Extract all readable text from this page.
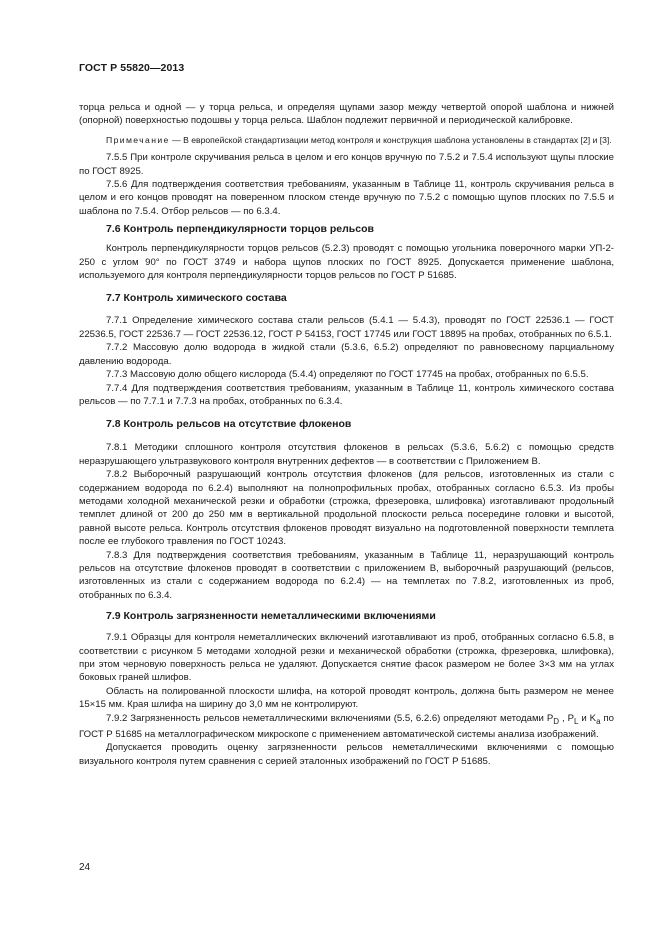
ГОСТ Р 55820—2013

торца рельса и одной — у торца рельса, и определяя щупами зазор между четвертой опорой шаблона и нижней (опорной) поверхностью подошвы у торца рельса. Шаблон подлежит первичной и периодической калибровке.

Примечание — В европейской стандартизации метод контроля и конструкция шаблона установлены в стандартах [2] и [3].

7.5.5 При контроле скручивания рельса в целом и его концов вручную по 7.5.2 и 7.5.4 используют щупы плоские по ГОСТ 8925.

7.5.6 Для подтверждения соответствия требованиям, указанным в Таблице 11, контроль скручивания рельса в целом и его концов проводят на поверенном плоском стенде вручную по 7.5.2 с помощью щупов плоских по 7.5.5 и шаблона по 7.5.4. Отбор рельсов — по 6.3.4.

7.6 Контроль перпендикулярности торцов рельсов

Контроль перпендикулярности торцов рельсов (5.2.3) проводят с помощью угольника поверочного марки УП-2-250 с углом 90° по ГОСТ 3749 и набора щупов плоских по ГОСТ 8925. Допускается применение шаблона, используемого для контроля перпендикулярности торцов рельсов по ГОСТ Р 51685.

7.7 Контроль химического состава

7.7.1 Определение химического состава стали рельсов (5.4.1 — 5.4.3), проводят по ГОСТ 22536.1 — ГОСТ 22536.5, ГОСТ 22536.7 — ГОСТ 22536.12, ГОСТ Р 54153, ГОСТ 17745 или ГОСТ 18895 на пробах, отобранных по 6.5.1.

7.7.2 Массовую долю водорода в жидкой стали (5.3.6, 6.5.2) определяют по равновесному парциальному давлению водорода.

7.7.3 Массовую долю общего кислорода (5.4.4) определяют по ГОСТ 17745 на пробах, отобранных по 6.5.5.

7.7.4 Для подтверждения соответствия требованиям, указанным в Таблице 11, контроль химического состава рельсов — по 7.7.1 и 7.7.3 на пробах, отобранных по 6.3.4.

7.8 Контроль рельсов на отсутствие флокенов

7.8.1 Методики сплошного контроля отсутствия флокенов в рельсах (5.3.6, 5.6.2) с помощью средств неразрушающего ультразвукового контроля внутренних дефектов — в соответствии с Приложением В.

7.8.2 Выборочный разрушающий контроль отсутствия флокенов (для рельсов, изготовленных из стали с содержанием водорода по 6.2.4) выполняют на полнопрофильных пробах, отобранных согласно 6.5.3. Из пробы методами холодной механической резки и обработки (строжка, фрезеровка, шлифовка) изготавливают продольный темплет длиной от 200 до 250 мм в вертикальной продольной плоскости рельса посередине головки и высотой, равной высоте рельса. Контроль отсутствия флокенов проводят визуально на подготовленной поверхности темплета после ее глубокого травления по ГОСТ 10243.

7.8.3 Для подтверждения соответствия требованиям, указанным в Таблице 11, неразрушающий контроль рельсов на отсутствие флокенов проводят в соответствии с приложением В, выборочный разрушающий (рельсов, изготовленных из стали с содержанием водорода по 6.2.4) — на темплетах по 7.8.2, изготовленных из проб, отобранных по 6.3.4.

7.9 Контроль загрязненности неметаллическими включениями

7.9.1 Образцы для контроля неметаллических включений изготавливают из проб, отобранных согласно 6.5.8, в соответствии с рисунком 5 методами холодной резки и механической обработки (строжка, фрезеровка, шлифовка), при этом черновую поверхность рельса не удаляют. Допускается снятие фасок размером не более 3×3 мм на углах боковых граней шлифов.

Область на полированной плоскости шлифа, на которой проводят контроль, должна быть размером не менее 15×15 мм. Края шлифа на ширину до 3,0 мм не контролируют.

7.9.2 Загрязненность рельсов неметаллическими включениями (5.5, 6.2.6) определяют методами $P_D$ , $P_L$ и $K_a$ по ГОСТ Р 51685 на металлографическом микроскопе с применением автоматической системы анализа изображений.

Допускается проводить оценку загрязненности рельсов неметаллическими включениями с помощью визуального контроля путем сравнения с серией эталонных изображений по ГОСТ Р 51685.

24
